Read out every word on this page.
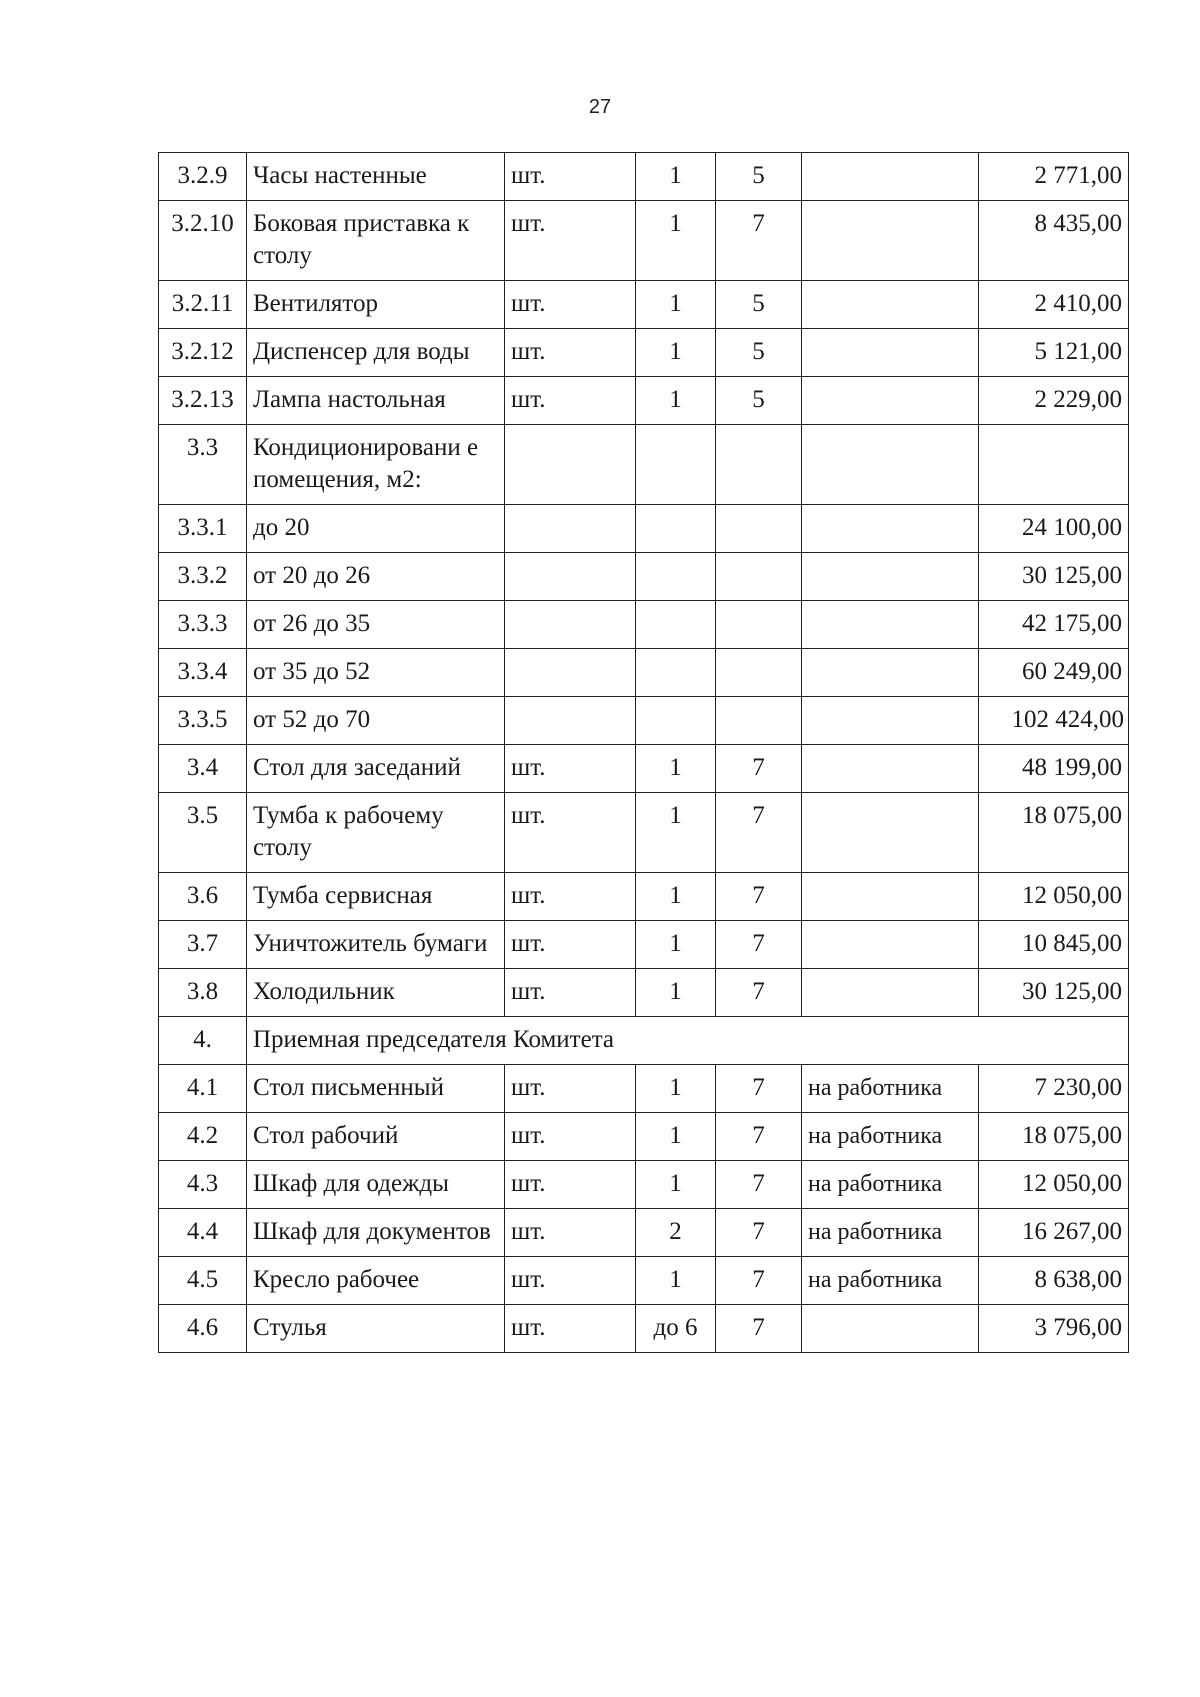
27
3.2.9	Часы настенные	шт.	1	5		2 771,00
3.2.10	Боковая приставка к столу	шт.	1	7		8 435,00
3.2.11	Вентилятор	шт.	1	5		2 410,00
3.2.12	Диспенсер для воды	шт.	1	5		5 121,00
3.2.13	Лампа настольная	шт.	1	5		2 229,00
3.3	Кондиционировани е помещения, м2:					
3.3.1	до 20					24 100,00
3.3.2	от 20 до 26					30 125,00
3.3.3	от 26 до 35					42 175,00
3.3.4	от 35 до 52					60 249,00
3.3.5	от 52 до 70					102 424,00
3.4	Стол для заседаний	шт.	1	7		48 199,00
3.5	Тумба к рабочему столу	шт.	1	7		18 075,00
3.6	Тумба сервисная	шт.	1	7		12 050,00
3.7	Уничтожитель бумаги	шт.	1	7		10 845,00
3.8	Холодильник	шт.	1	7		30 125,00
4.	Приемная председателя Комитета					
4.1	Стол письменный	шт.	1	7	на работника	7 230,00
4.2	Стол рабочий	шт.	1	7	на работника	18 075,00
4.3	Шкаф для одежды	шт.	1	7	на работника	12 050,00
4.4	Шкаф для документов	шт.	2	7	на работника	16 267,00
4.5	Кресло рабочее	шт.	1	7	на работника	8 638,00
4.6	Стулья	шт.	до 6	7		3 796,00
